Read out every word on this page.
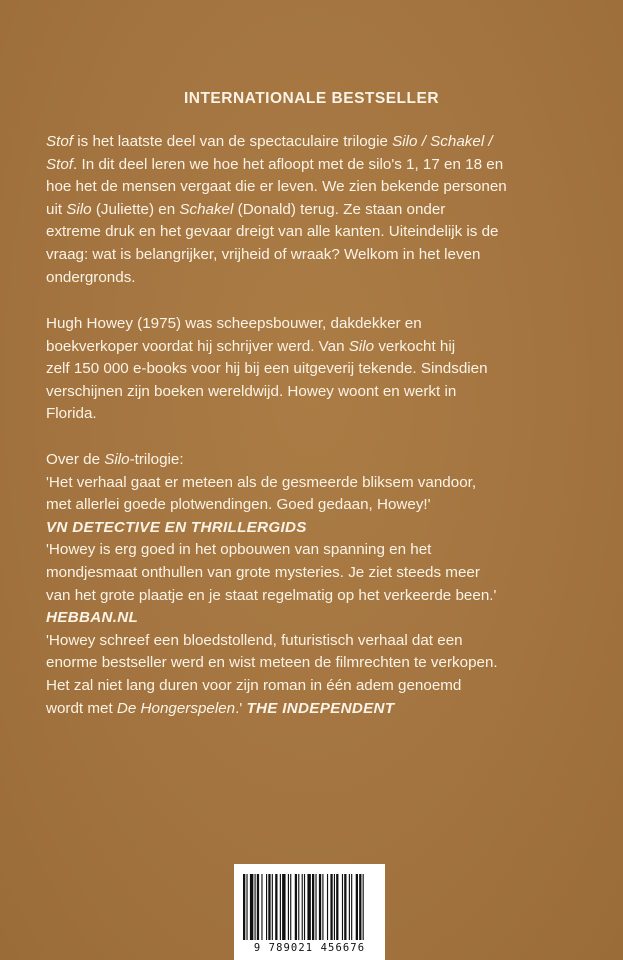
INTERNATIONALE BESTSELLER
Stof is het laatste deel van de spectaculaire trilogie Silo / Schakel /
Stof. In dit deel leren we hoe het afloopt met de silo's 1, 17 en 18 en
hoe het de mensen vergaat die er leven. We zien bekende personen
uit Silo (Juliette) en Schakel (Donald) terug. Ze staan onder
extreme druk en het gevaar dreigt van alle kanten. Uiteindelijk is de
vraag: wat is belangrijker, vrijheid of wraak? Welkom in het leven
ondergronds.
Hugh Howey (1975) was scheepsbouwer, dakdekker en
boekverkoper voordat hij schrijver werd. Van Silo verkocht hij
zelf 150 000 e-books voor hij bij een uitgeverij tekende. Sindsdien
verschijnen zijn boeken wereldwijd. Howey woont en werkt in
Florida.
Over de Silo-trilogie:
'Het verhaal gaat er meteen als de gesmeerde bliksem vandoor,
met allerlei goede plotwendingen. Goed gedaan, Howey!'
VN DETECTIVE EN THRILLERGIDS
'Howey is erg goed in het opbouwen van spanning en het
mondjesmaat onthullen van grote mysteries. Je ziet steeds meer
van het grote plaatje en je staat regelmatig op het verkeerde been.'
HEBBAN.NL
'Howey schreef een bloedstollend, futuristisch verhaal dat een
enorme bestseller werd en wist meteen de filmrechten te verkopen.
Het zal niet lang duren voor zijn roman in één adem genoemd
wordt met De Hongerspelen.' THE INDEPENDENT
9 789021 456676
